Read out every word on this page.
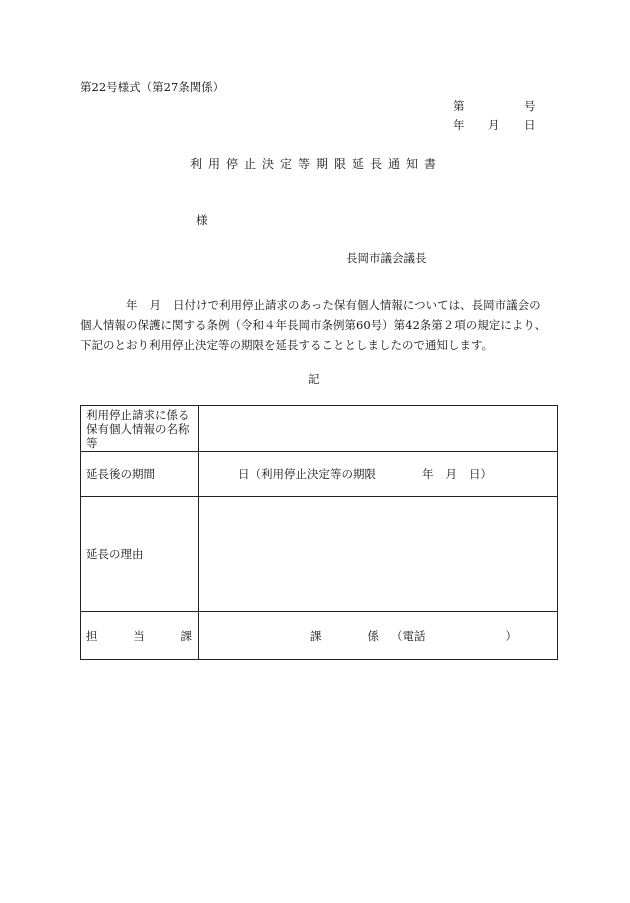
第22号様式（第27条関係）
第	号
年 月 日
利用停止決定等期限延長通知書
様
長岡市議会議長

年 月 日付けで利用停止請求のあった保有個人情報については、長岡市議会の

個人情報の保護に関する条例（令和４年長岡市条例第60号）第42条第２項の規定により、

下記のとおり利用停止決定等の期限を延長することとしましたので通知します。

記
利用停止請求に係る保有個人情報の名称等	
延長後の期間	日（利用停止決定等の期限 年 月 日）

延長の理由	

担 当 課	課 係 （電話 ）
